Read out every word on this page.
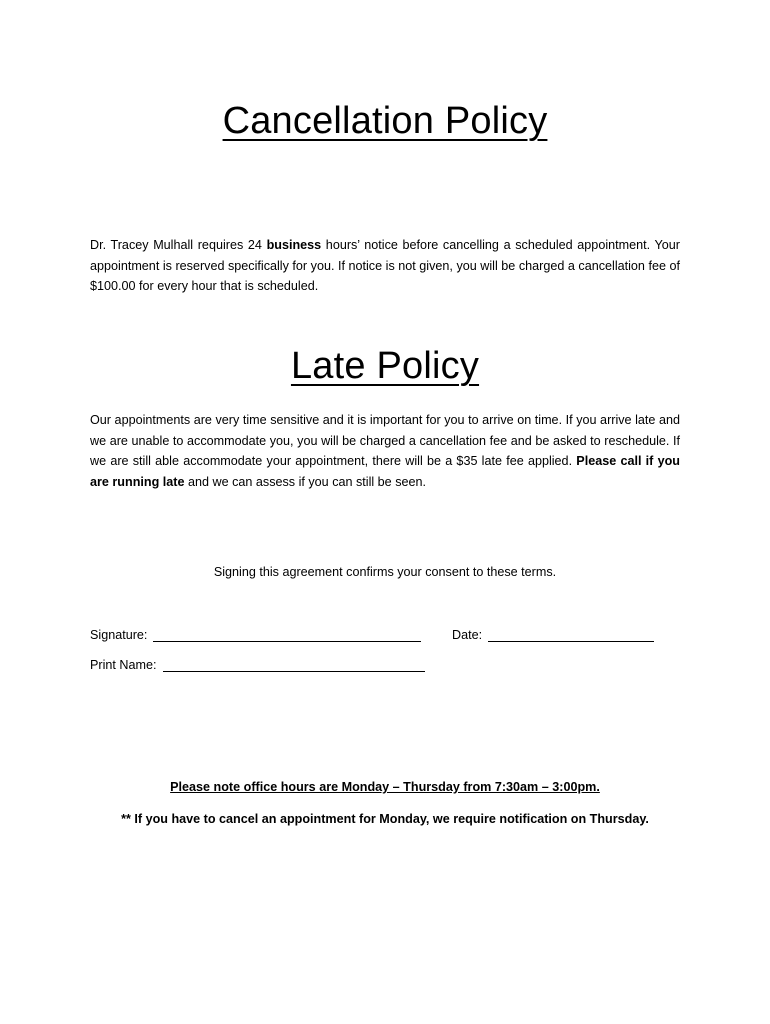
Cancellation Policy
Dr. Tracey Mulhall requires 24 business hours’ notice before cancelling a scheduled appointment. Your appointment is reserved specifically for you. If notice is not given, you will be charged a cancellation fee of $100.00 for every hour that is scheduled.
Late Policy
Our appointments are very time sensitive and it is important for you to arrive on time. If you arrive late and we are unable to accommodate you, you will be charged a cancellation fee and be asked to reschedule. If we are still able accommodate your appointment, there will be a $35 late fee applied. Please call if you are running late and we can assess if you can still be seen.
Signing this agreement confirms your consent to these terms.
Signature:	Date:
Print Name:
Please note office hours are Monday – Thursday from 7:30am – 3:00pm.
** If you have to cancel an appointment for Monday, we require notification on Thursday.
